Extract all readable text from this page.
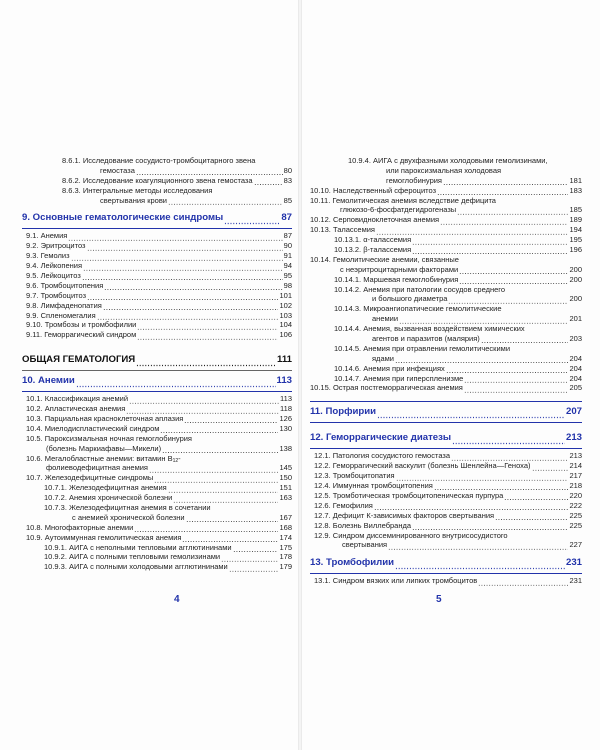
8.6.1. Исследование сосудисто-тромбоцитарного звена
гемостаза	80
8.6.2. Исследование коагуляционного звена гемостаза	83
8.6.3. Интегральные методы исследования
свертывания крови	85
9. Основные гематологические синдромы	87
9.1. Анемия	87
9.2. Эритроцитоз	90
9.3. Гемолиз	91
9.4. Лейкопения	94
9.5. Лейкоцитоз	95
9.6. Тромбоцитопения	98
9.7. Тромбоцитоз	101
9.8. Лимфаденопатия	102
9.9. Спленомегалия	103
9.10. Тромбозы и тромбофилии	104
9.11. Геморрагический синдром	106
ОБЩАЯ ГЕМАТОЛОГИЯ	111
10. Анемии	113
10.1. Классификация анемий	113
10.2. Апластическая анемия	118
10.3. Парциальная красноклеточная аплазия	126
10.4. Миелодиспластический синдром	130
10.5. Пароксизмальная ночная гемоглобинурия
(болезнь Маркиафавы—Микели)	138
10.6. Мегалобластные анемии: витамин $В_{12}-$
фолиеводефицитная анемия	145
10.7. Железодефицитные синдромы	150
10.7.1. Железодефицитная анемия	151
10.7.2. Анемия хронической болезни	163
10.7.3. Железодефицитная анемия в сочетании
с анемией хронической болезни	167
10.8. Многофакторные анемии	168
10.9. Аутоиммунная гемолитическая анемия	174
10.9.1. АИГА с неполными тепловыми агглютининами	175
10.9.2. АИГА с полными тепловыми гемолизинами	178
10.9.3. АИГА с полными холодовыми агглютининами	179
4
10.9.4. АИГА с двухфазными холодовыми гемолизинами,
или пароксизмальная холодовая
гемоглобинурия	181
10.10. Наследственный сфероцитоз	183
10.11. Гемолитическая анемия вследствие дефицита
глюкозо-6-фосфатдегидрогеназы	185
10.12. Серповидноклеточная анемия	189
10.13. Талассемия	194
10.13.1. α-талассемия	195
10.13.2. β-талассемия	196
10.14. Гемолитические анемии, связанные
с неэритроцитарными факторами	200
10.14.1. Маршевая гемоглобинурия	200
10.14.2. Анемия при патологии сосудов среднего
и большого диаметра	200
10.14.3. Микроангиопатические гемолитические
анемии	201
10.14.4. Анемия, вызванная воздействием химических
агентов и паразитов (малярия)	203
10.14.5. Анемия при отравлении гемолитическими
ядами	204
10.14.6. Анемия при инфекциях	204
10.14.7. Анемия при гиперспленизме	204
10.15. Острая постгеморрагическая анемия	205
11. Порфирии	207
12. Геморрагические диатезы	213
12.1. Патология сосудистого гемостаза	213
12.2. Геморрагический васкулит (болезнь Шенлейна—Геноха)	214
12.3. Тромбоцитопатия	217
12.4. Иммунная тромбоцитопения	218
12.5. Тромботическая тромбоцитопеническая пурпура	220
12.6. Гемофилия	222
12.7. Дефицит К-зависимых факторов свертывания	225
12.8. Болезнь Виллебранда	225
12.9. Синдром диссеминированного внутрисосудистого
свертывания	227
13. Тромбофилии	231
13.1. Синдром вязких или липких тромбоцитов	231
5
